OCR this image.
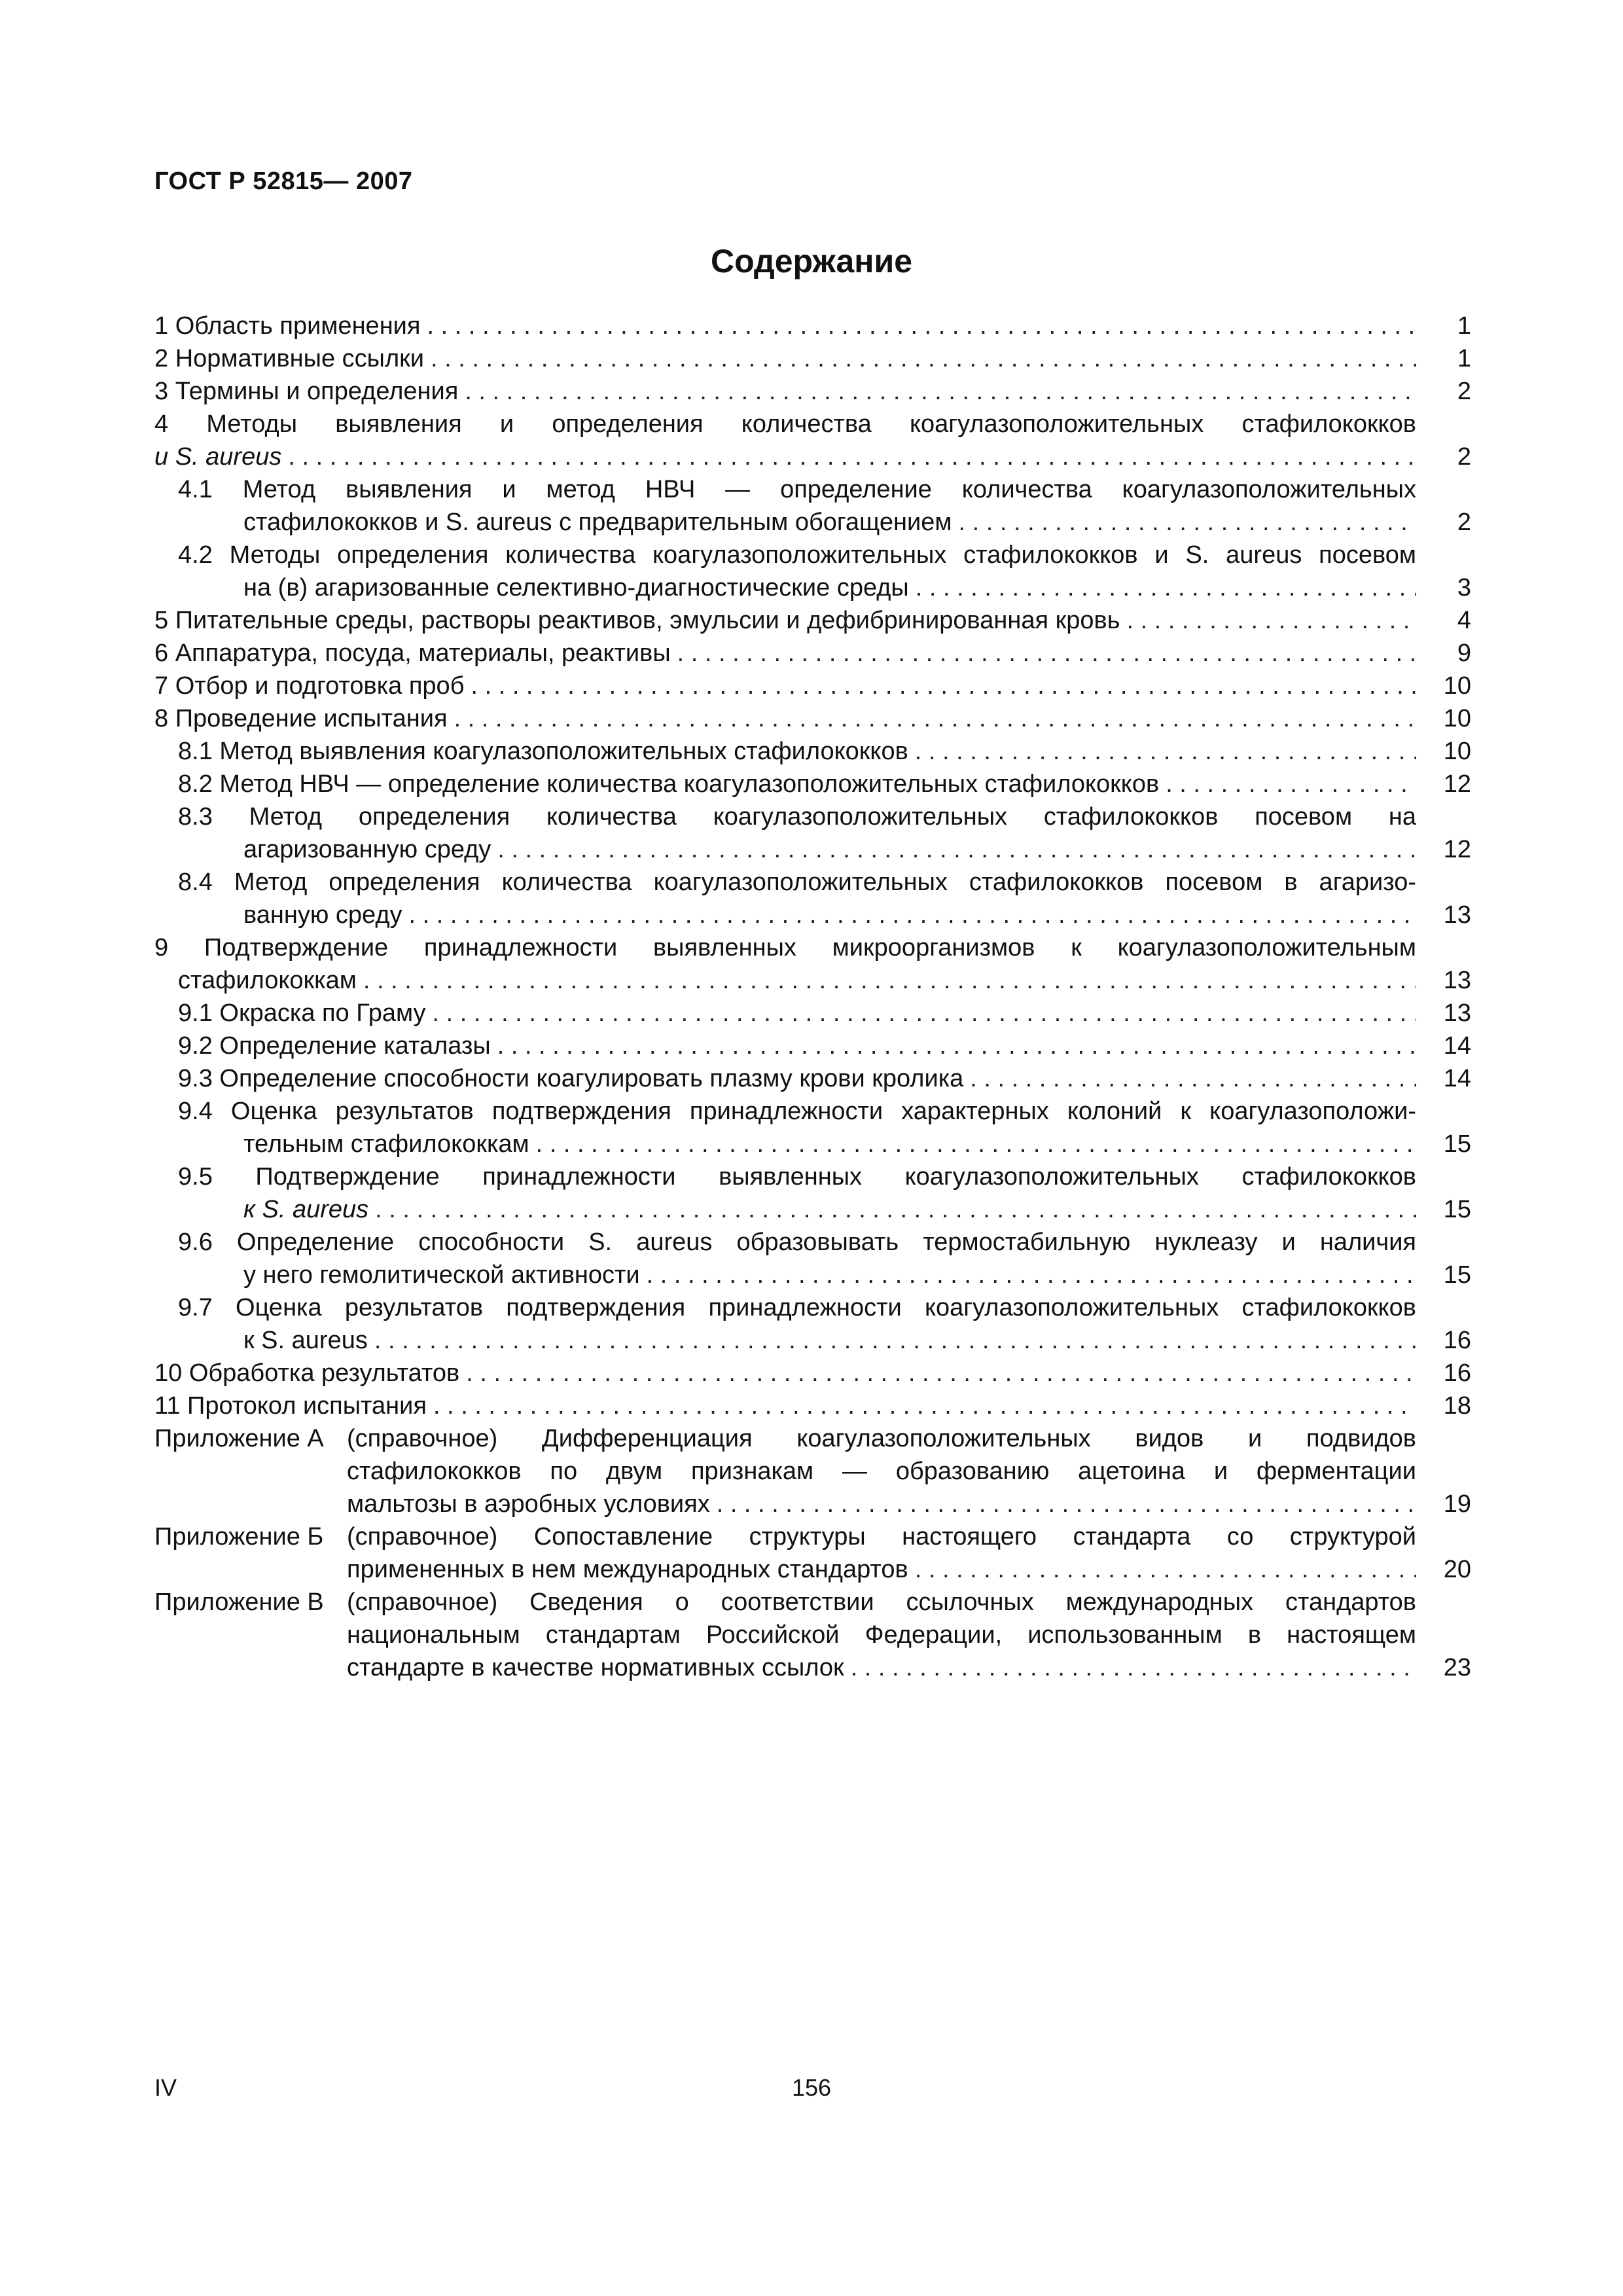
ГОСТ Р 52815— 2007
Содержание
1 Область применения . . .	1
2 Нормативные ссылки . . .	1
3 Термины и определения . . .	2
4 Методы выявления и определения количества коагулазоположительных стафилококков
и S. aureus . . .	2
4.1 Метод выявления и метод НВЧ — определение количества коагулазоположительных
стафилококков и S. aureus с предварительным обогащением . . .	2
4.2 Методы определения количества коагулазоположительных стафилококков и S. aureus посевом
на (в) агаризованные селективно-диагностические среды . . .	3
5 Питательные среды, растворы реактивов, эмульсии и дефибринированная кровь . . .	4
6 Аппаратура, посуда, материалы, реактивы . . .	9
7 Отбор и подготовка проб . . .	10
8 Проведение испытания . . .	10
8.1 Метод выявления коагулазоположительных стафилококков . . .	10
8.2 Метод НВЧ — определение количества коагулазоположительных стафилококков . . .	12
8.3 Метод определения количества коагулазоположительных стафилококков посевом на
агаризованную среду . . .	12
8.4 Метод определения количества коагулазоположительных стафилококков посевом в агаризо-
ванную среду . . .	13
9 Подтверждение принадлежности выявленных микроорганизмов к коагулазоположительным
стафилококкам . . .	13
9.1 Окраска по Граму . . .	13
9.2 Определение каталазы . . .	14
9.3 Определение способности коагулировать плазму крови кролика . . .	14
9.4 Оценка результатов подтверждения принадлежности характерных колоний к коагулазоположи-
тельным стафилококкам . . .	15
9.5 Подтверждение принадлежности выявленных коагулазоположительных стафилококков
к S. aureus . . .	15
9.6 Определение способности S. aureus образовывать термостабильную нуклеазу и наличия
у него гемолитической активности . . .	15
9.7 Оценка результатов подтверждения принадлежности коагулазоположительных стафилококков
к S. aureus . . .	16
10 Обработка результатов . . .	16
11 Протокол испытания . . .	18
Приложение А (справочное) Дифференциация коагулазоположительных видов и подвидов
стафилококков по двум признакам — образованию ацетоина и ферментации
мальтозы в аэробных условиях . . .	19
Приложение Б (справочное) Сопоставление структуры настоящего стандарта со структурой
примененных в нем международных стандартов . . .	20
Приложение В (справочное) Сведения о соответствии ссылочных международных стандартов
национальным стандартам Российской Федерации, использованным в настоящем
стандарте в качестве нормативных ссылок . . .	23
IV	156
